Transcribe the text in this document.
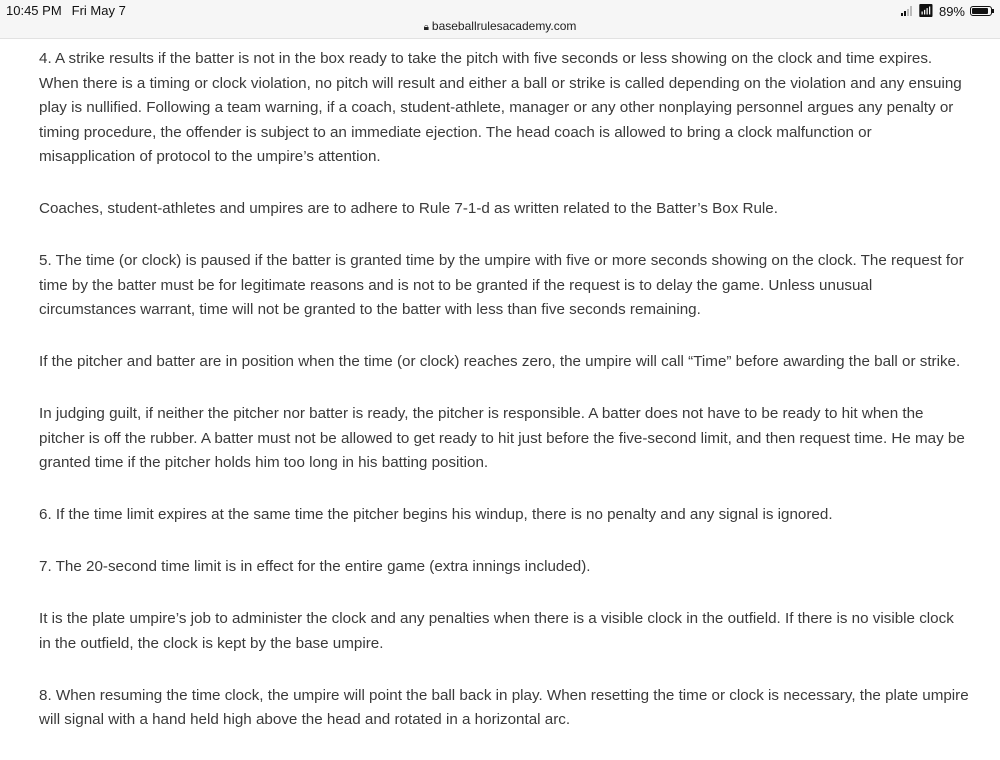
10:45 PM Fri May 7	📶︎ 89%
🔒︎ baseballrulesacademy.com

4. A strike results if the batter is not in the box ready to take the pitch with five seconds or less showing on the clock and time expires. When there is a timing or clock violation, no pitch will result and either a ball or strike is called depending on the violation and any ensuing play is nullified. Following a team warning, if a coach, student-athlete, manager or any other nonplaying personnel argues any penalty or timing procedure, the offender is subject to an immediate ejection. The head coach is allowed to bring a clock malfunction or misapplication of protocol to the umpire’s attention.

Coaches, student-athletes and umpires are to adhere to Rule 7-1-d as written related to the Batter’s Box Rule.

5. The time (or clock) is paused if the batter is granted time by the umpire with five or more seconds showing on the clock. The request for time by the batter must be for legitimate reasons and is not to be granted if the request is to delay the game. Unless unusual circumstances warrant, time will not be granted to the batter with less than five seconds remaining.

If the pitcher and batter are in position when the time (or clock) reaches zero, the umpire will call “Time” before awarding the ball or strike.

In judging guilt, if neither the pitcher nor batter is ready, the pitcher is responsible. A batter does not have to be ready to hit when the pitcher is off the rubber. A batter must not be allowed to get ready to hit just before the five-second limit, and then request time. He may be granted time if the pitcher holds him too long in his batting position.

6. If the time limit expires at the same time the pitcher begins his windup, there is no penalty and any signal is ignored.

7. The 20-second time limit is in effect for the entire game (extra innings included).

It is the plate umpire’s job to administer the clock and any penalties when there is a visible clock in the outfield. If there is no visible clock in the outfield, the clock is kept by the base umpire.

8. When resuming the time clock, the umpire will point the ball back in play. When resetting the time or clock is necessary, the plate umpire will signal with a hand held high above the head and rotated in a horizontal arc.
